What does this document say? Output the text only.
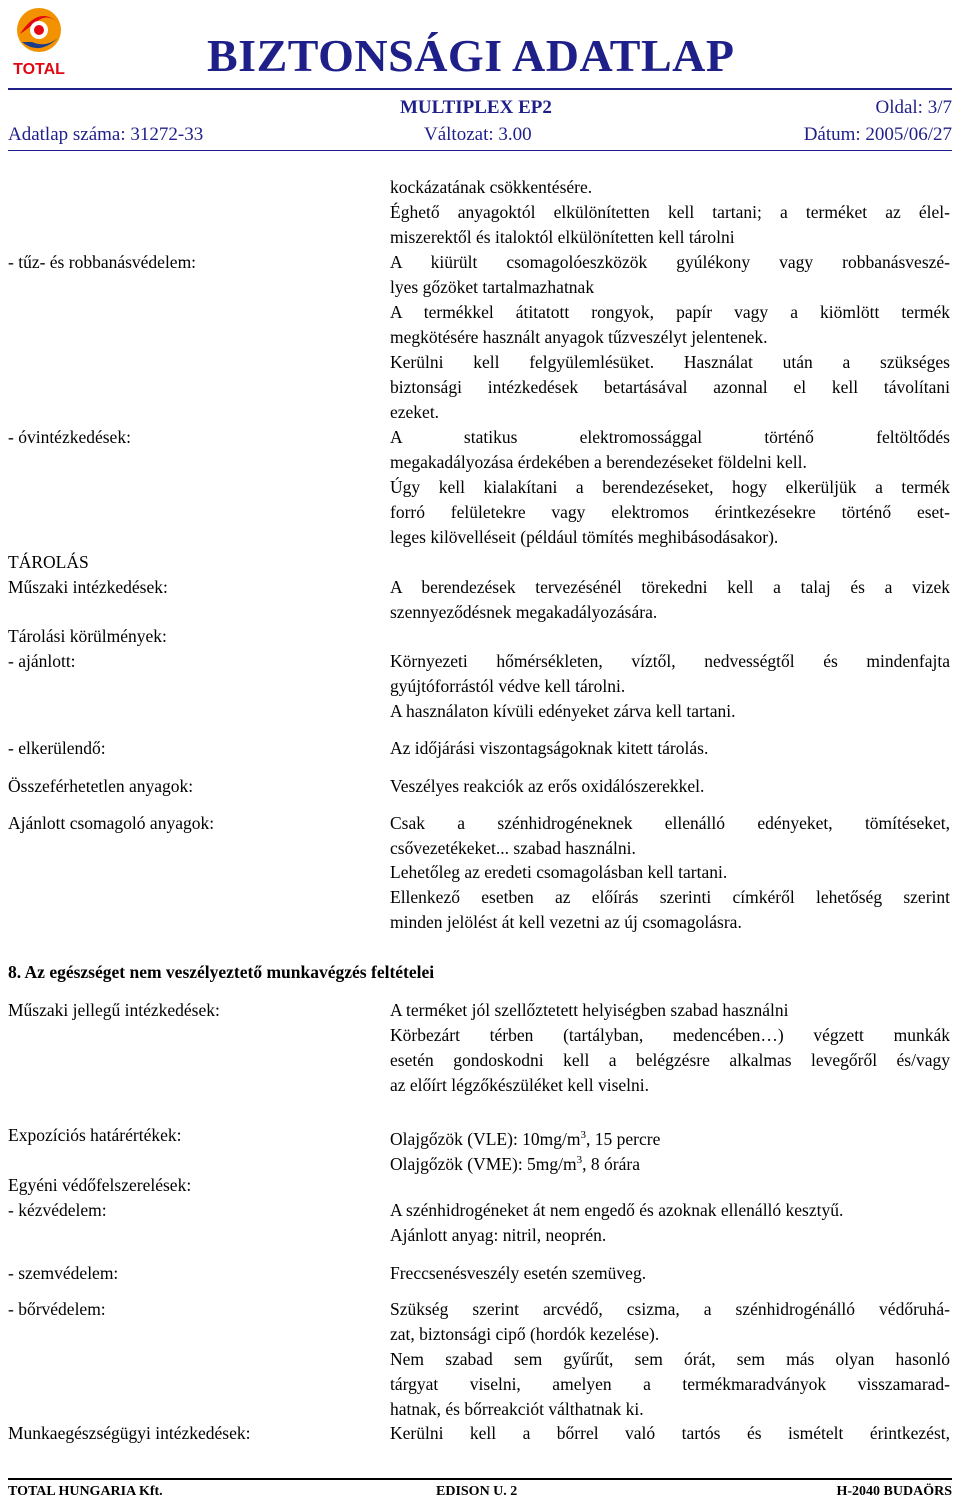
TOTAL	BIZTONSÁGI ADATLAP
MULTIPLEX EP2	Oldal: 3/7
Adatlap száma: 31272-33	Változat: 3.00	Dátum: 2005/06/27
kockázatának csökkentésére.
Éghető anyagoktól elkülönítetten kell tartani; a terméket az élel-
miszerektől és italoktól elkülönítetten kell tárolni
- tűz- és robbanásvédelem:	A kiürült csomagolóeszközök gyúlékony vagy robbanásveszé-
lyes gőzöket tartalmazhatnak
A termékkel átitatott rongyok, papír vagy a kiömlött termék
megkötésére használt anyagok tűzveszélyt jelentenek.
Kerülni kell felgyülemlésüket. Használat után a szükséges
biztonsági intézkedések betartásával azonnal el kell távolítani
ezeket.
- óvintézkedések:	A statikus elektromossággal történő feltöltődés
megakadályozása érdekében a berendezéseket földelni kell.
Úgy kell kialakítani a berendezéseket, hogy elkerüljük a termék
forró felületekre vagy elektromos érintkezésekre történő eset-
leges kilövelléseit (például tömítés meghibásodásakor).
TÁROLÁS
Műszaki intézkedések:	A berendezések tervezésénél törekedni kell a talaj és a vizek
szennyeződésnek megakadályozására.
Tárolási körülmények:
- ajánlott:	Környezeti hőmérsékleten, víztől, nedvességtől és mindenfajta
gyújtóforrástól védve kell tárolni.
A használaton kívüli edényeket zárva kell tartani.
- elkerülendő:	Az időjárási viszontagságoknak kitett tárolás.
Összeférhetetlen anyagok:	Veszélyes reakciók az erős oxidálószerekkel.
Ajánlott csomagoló anyagok:	Csak a szénhidrogéneknek ellenálló edényeket, tömítéseket,
csővezetékeket... szabad használni.
Lehetőleg az eredeti csomagolásban kell tartani.
Ellenkező esetben az előírás szerinti címkéről lehetőség szerint
minden jelölést át kell vezetni az új csomagolásra.
8. Az egészséget nem veszélyeztető munkavégzés feltételei
Műszaki jellegű intézkedések:	A terméket jól szellőztetett helyiségben szabad használni
Körbezárt térben (tartályban, medencében…) végzett munkák
esetén gondoskodni kell a belégzésre alkalmas levegőről és/vagy
az előírt légzőkészüléket kell viselni.
Expozíciós határértékek:	Olajgőzök (VLE): $10mg/m^3$, 15 percre
Olajgőzök (VME): $5mg/m^3$, 8 órára
Egyéni védőfelszerelések:
- kézvédelem:	A szénhidrogéneket át nem engedő és azoknak ellenálló kesztyű.
Ajánlott anyag: nitril, neoprén.
- szemvédelem:	Freccsenésveszély esetén szemüveg.
- bőrvédelem:	Szükség szerint arcvédő, csizma, a szénhidrogénálló védőruhá-
zat, biztonsági cipő (hordók kezelése).
Nem szabad sem gyűrűt, sem órát, sem más olyan hasonló
tárgyat viselni, amelyen a termékmaradványok visszamarad-
hatnak, és bőrreakciót válthatnak ki.
Munkaegészségügyi intézkedések:	Kerülni kell a bőrrel való tartós és ismételt érintkezést,
TOTAL HUNGARIA Kft.	EDISON U. 2	H-2040 BUDAÖRS
